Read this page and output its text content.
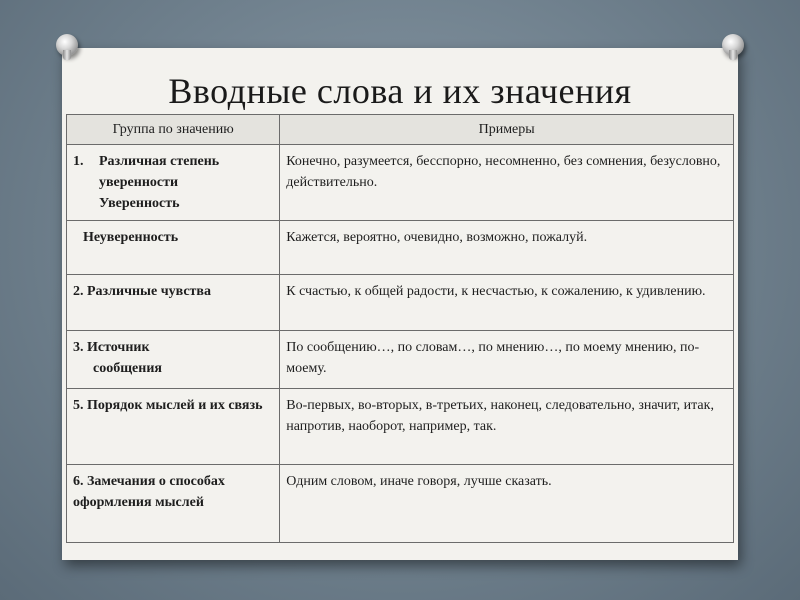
Вводные слова и их значения
Группа по значению	Примеры

1. Различная степень
уверенности
Уверенность	Конечно, разумеется, бесспорно, несомненно, без сомнения, безусловно, действительно.
Неуверенность	Кажется, вероятно, очевидно, возможно, пожалуй.
2. Различные чувства	К счастью, к общей радости, к несчастью, к сожалению, к удивлению.
3. Источник
сообщения	По сообщению…, по словам…, по мнению…, по моему мнению, по-моему.
5. Порядок мыслей и их связь	Во-первых, во-вторых, в-третьих, наконец, следовательно, значит, итак, напротив, наоборот, например, так.
6. Замечания о способах оформления мыслей	Одним словом, иначе говоря, лучше сказать.
